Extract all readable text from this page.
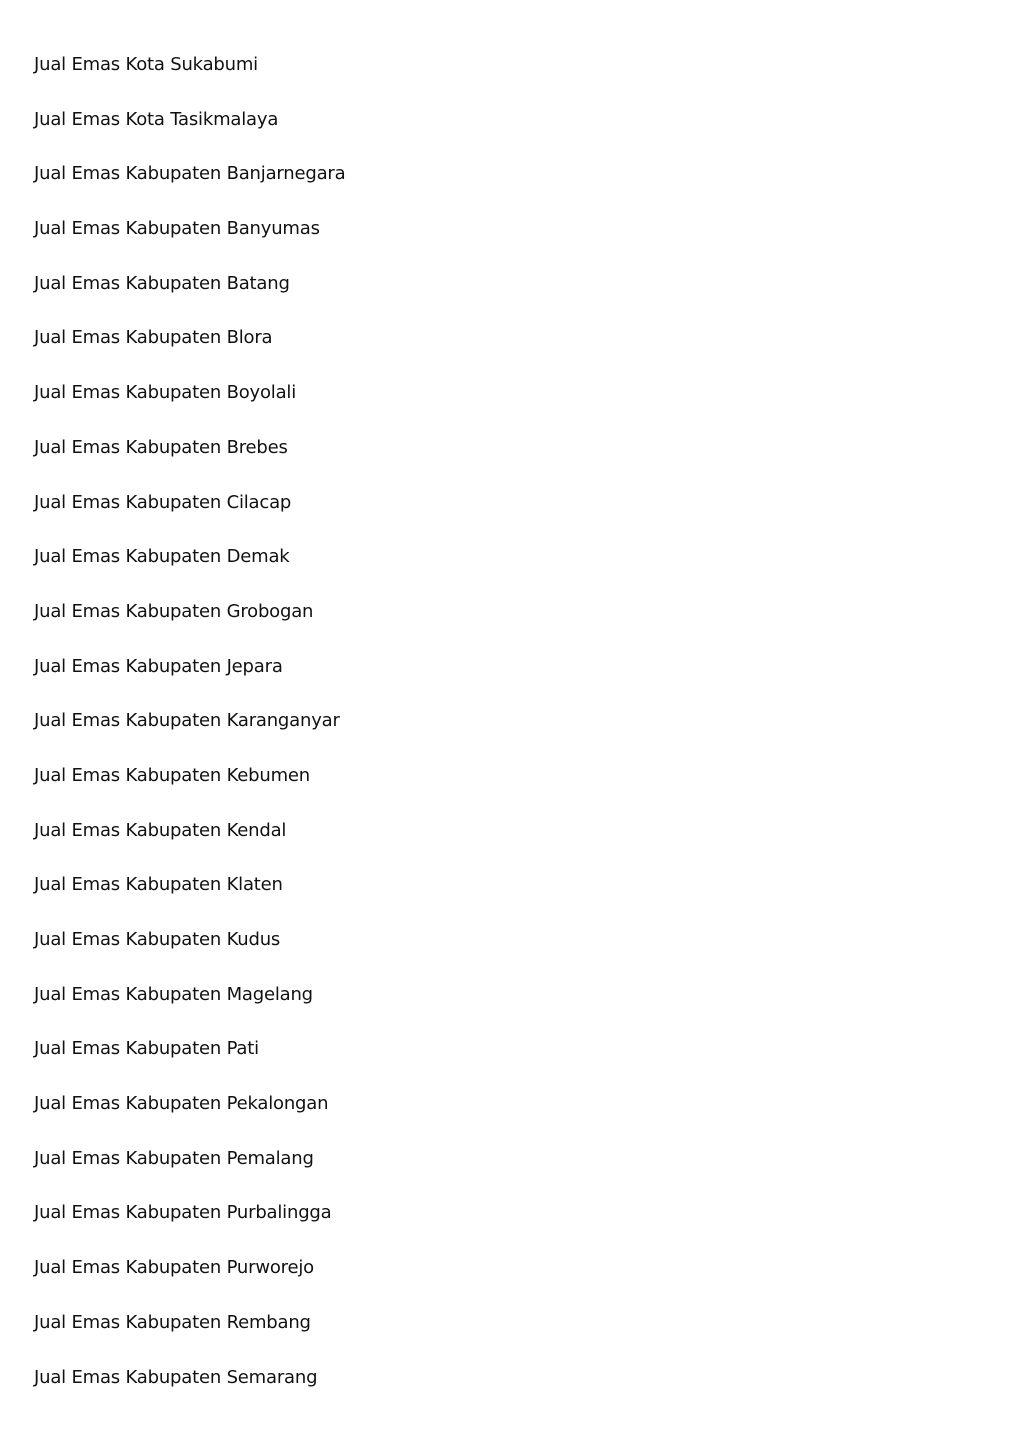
Jual Emas Kota Sukabumi
Jual Emas Kota Tasikmalaya
Jual Emas Kabupaten Banjarnegara
Jual Emas Kabupaten Banyumas
Jual Emas Kabupaten Batang
Jual Emas Kabupaten Blora
Jual Emas Kabupaten Boyolali
Jual Emas Kabupaten Brebes
Jual Emas Kabupaten Cilacap
Jual Emas Kabupaten Demak
Jual Emas Kabupaten Grobogan
Jual Emas Kabupaten Jepara
Jual Emas Kabupaten Karanganyar
Jual Emas Kabupaten Kebumen
Jual Emas Kabupaten Kendal
Jual Emas Kabupaten Klaten
Jual Emas Kabupaten Kudus
Jual Emas Kabupaten Magelang
Jual Emas Kabupaten Pati
Jual Emas Kabupaten Pekalongan
Jual Emas Kabupaten Pemalang
Jual Emas Kabupaten Purbalingga
Jual Emas Kabupaten Purworejo
Jual Emas Kabupaten Rembang
Jual Emas Kabupaten Semarang
